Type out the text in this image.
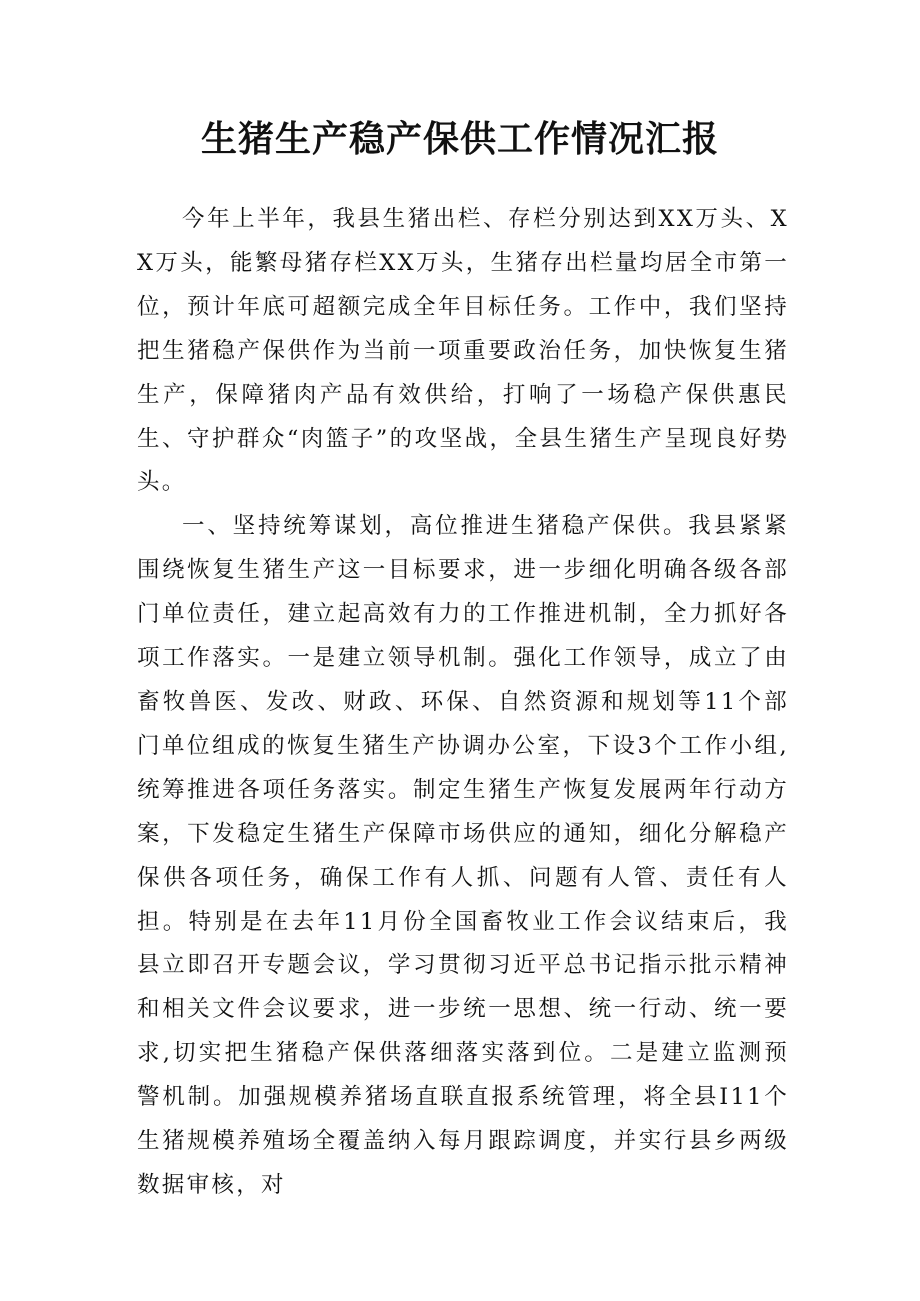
生猪生产稳产保供工作情况汇报

今年上半年，我县生猪出栏、存栏分别达到XX万头、XX万头，能繁母猪存栏XX万头，生猪存出栏量均居全市第一位，预计年底可超额完成全年目标任务。工作中，我们坚持把生猪稳产保供作为当前一项重要政治任务，加快恢复生猪生产，保障猪肉产品有效供给，打响了一场稳产保供惠民生、守护群众“肉篮子”的攻坚战，全县生猪生产呈现良好势头。

一、坚持统筹谋划，高位推进生猪稳产保供。我县紧紧围绕恢复生猪生产这一目标要求，进一步细化明确各级各部门单位责任，建立起高效有力的工作推进机制，全力抓好各项工作落实。一是建立领导机制。强化工作领导，成立了由畜牧兽医、发改、财政、环保、自然资源和规划等11个部门单位组成的恢复生猪生产协调办公室，下设3个工作小组,统筹推进各项任务落实。制定生猪生产恢复发展两年行动方案，下发稳定生猪生产保障市场供应的通知，细化分解稳产保供各项任务，确保工作有人抓、问题有人管、责任有人担。特别是在去年11月份全国畜牧业工作会议结束后，我县立即召开专题会议，学习贯彻习近平总书记指示批示精神和相关文件会议要求，进一步统一思想、统一行动、统一要求,切实把生猪稳产保供落细落实落到位。二是建立监测预警机制。加强规模养猪场直联直报系统管理，将全县I11个生猪规模养殖场全覆盖纳入每月跟踪调度，并实行县乡两级数据审核，对
